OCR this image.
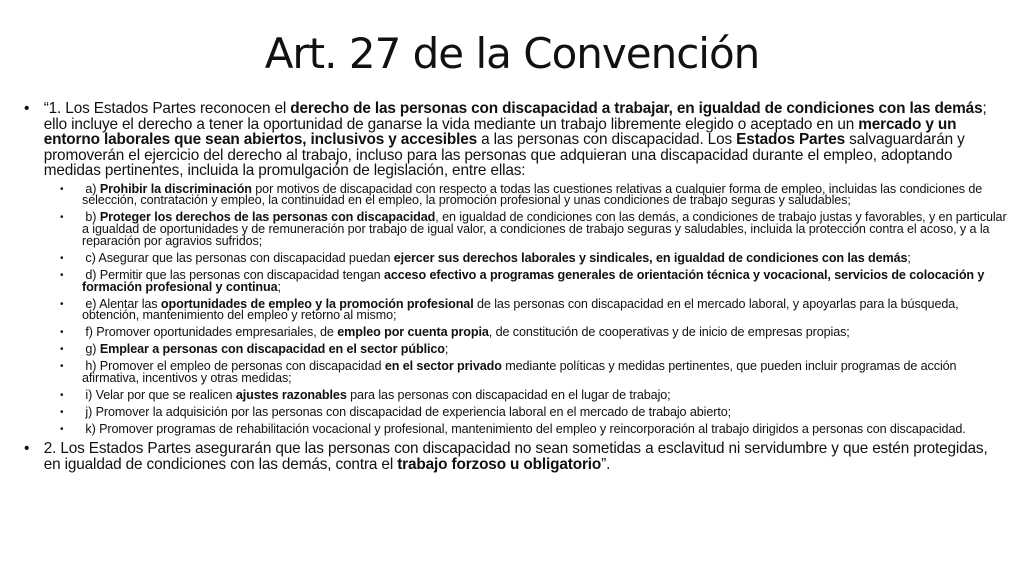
Art. 27 de la Convención
• “1. Los Estados Partes reconocen el derecho de las personas con discapacidad a trabajar, en igualdad de condiciones con las demás; ello incluye el derecho a tener la oportunidad de ganarse la vida mediante un trabajo libremente elegido o aceptado en un mercado y un entorno laborales que sean abiertos, inclusivos y accesibles a las personas con discapacidad. Los Estados Partes salvaguardarán y promoverán el ejercicio del derecho al trabajo, incluso para las personas que adquieran una discapacidad durante el empleo, adoptando medidas pertinentes, incluida la promulgación de legislación, entre ellas:
• a) Prohibir la discriminación por motivos de discapacidad con respecto a todas las cuestiones relativas a cualquier forma de empleo, incluidas las condiciones de selección, contratación y empleo, la continuidad en el empleo, la promoción profesional y unas condiciones de trabajo seguras y saludables;
• b) Proteger los derechos de las personas con discapacidad, en igualdad de condiciones con las demás, a condiciones de trabajo justas y favorables, y en particular a igualdad de oportunidades y de remuneración por trabajo de igual valor, a condiciones de trabajo seguras y saludables, incluida la protección contra el acoso, y a la reparación por agravios sufridos;
• c) Asegurar que las personas con discapacidad puedan ejercer sus derechos laborales y sindicales, en igualdad de condiciones con las demás;
• d) Permitir que las personas con discapacidad tengan acceso efectivo a programas generales de orientación técnica y vocacional, servicios de colocación y formación profesional y continua;
• e) Alentar las oportunidades de empleo y la promoción profesional de las personas con discapacidad en el mercado laboral, y apoyarlas para la búsqueda, obtención, mantenimiento del empleo y retorno al mismo;
• f) Promover oportunidades empresariales, de empleo por cuenta propia, de constitución de cooperativas y de inicio de empresas propias;
• g) Emplear a personas con discapacidad en el sector público;
• h) Promover el empleo de personas con discapacidad en el sector privado mediante políticas y medidas pertinentes, que pueden incluir programas de acción afirmativa, incentivos y otras medidas;
• i) Velar por que se realicen ajustes razonables para las personas con discapacidad en el lugar de trabajo;
• j) Promover la adquisición por las personas con discapacidad de experiencia laboral en el mercado de trabajo abierto;
• k) Promover programas de rehabilitación vocacional y profesional, mantenimiento del empleo y reincorporación al trabajo dirigidos a personas con discapacidad.
• 2. Los Estados Partes asegurarán que las personas con discapacidad no sean sometidas a esclavitud ni servidumbre y que estén protegidas, en igualdad de condiciones con las demás, contra el trabajo forzoso u obligatorio”.
